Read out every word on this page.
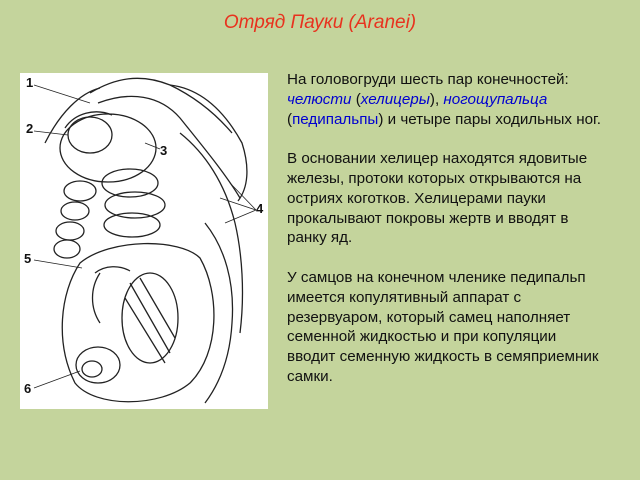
Отряд Пауки (Aranei)
1
2
3
4
5
6

На головогруди шесть пар конечностей: челюсти (хелицеры), ногощупальца (педипальпы) и четыре пары ходильных ног.

В основании хелицер находятся ядовитые железы, протоки которых открываются на остриях коготков. Хелицерами пауки прокалывают покровы жертв и вводят в ранку яд.

У самцов на конечном членике педипальп имеется копулятивный аппарат с резервуаром, который самец наполняет семенной жидкостью и при копуляции вводит семенную жидкость в семяприемник самки.
